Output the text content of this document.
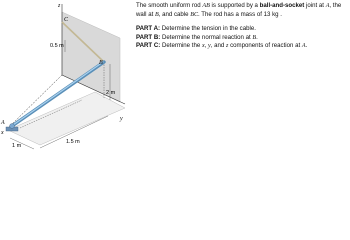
z
x
y
C
B
A
0.5 m
2 m
1 m
1.5 m

The smooth uniform rod AB is supported by a ball-and-socket joint at A, the wall at B, and cable BC. The rod has a mass of 13 kg .

PART A: Determine the tension in the cable.

PART B: Determine the normal reaction at B.

PART C: Determine the x, y, and z components of reaction at A.
